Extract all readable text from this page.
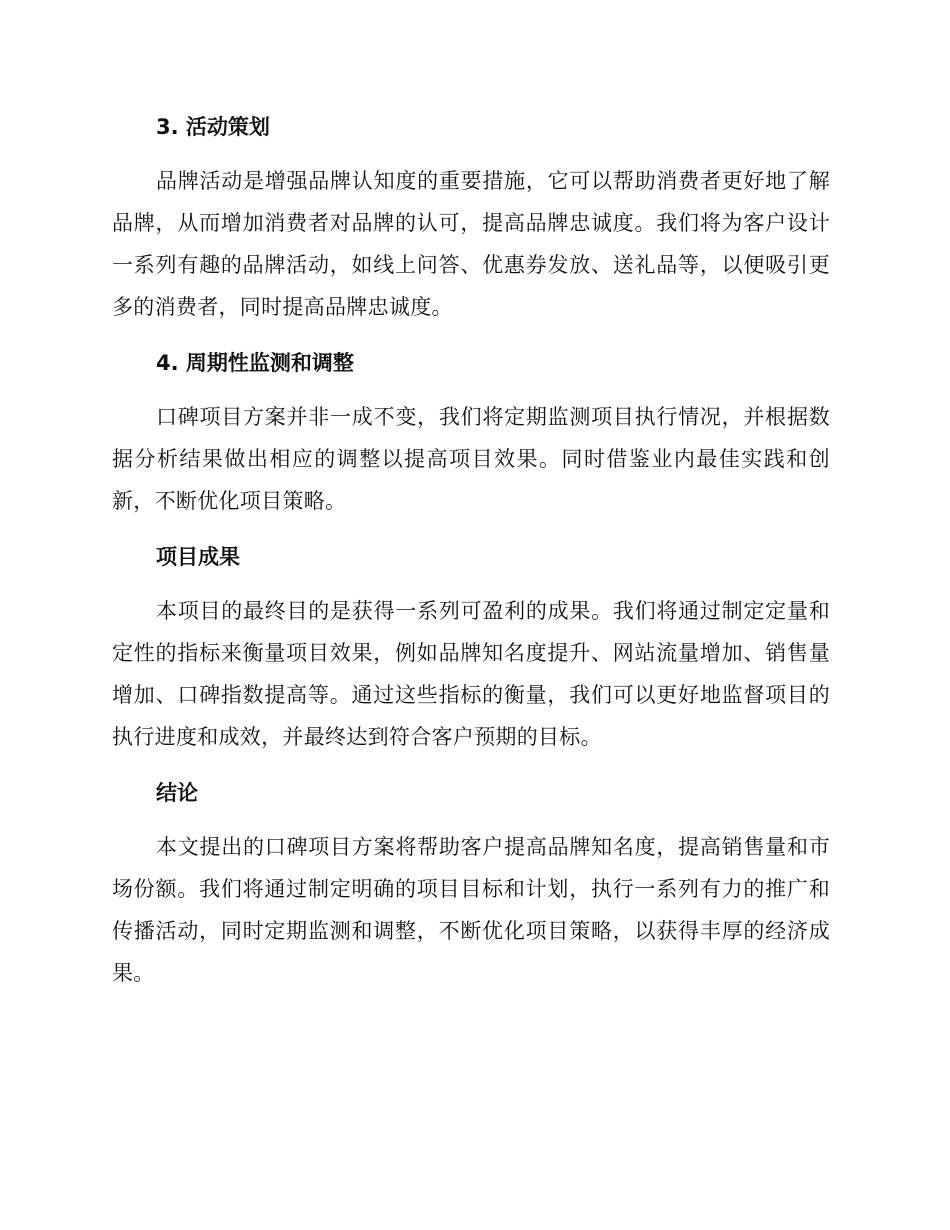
3. 活动策划

品牌活动是增强品牌认知度的重要措施，它可以帮助消费者更好地了解品牌，从而增加消费者对品牌的认可，提高品牌忠诚度。我们将为客户设计一系列有趣的品牌活动，如线上问答、优惠券发放、送礼品等，以便吸引更多的消费者，同时提高品牌忠诚度。

4. 周期性监测和调整

口碑项目方案并非一成不变，我们将定期监测项目执行情况，并根据数据分析结果做出相应的调整以提高项目效果。同时借鉴业内最佳实践和创新，不断优化项目策略。

项目成果

本项目的最终目的是获得一系列可盈利的成果。我们将通过制定定量和定性的指标来衡量项目效果，例如品牌知名度提升、网站流量增加、销售量增加、口碑指数提高等。通过这些指标的衡量，我们可以更好地监督项目的执行进度和成效，并最终达到符合客户预期的目标。

结论

本文提出的口碑项目方案将帮助客户提高品牌知名度，提高销售量和市场份额。我们将通过制定明确的项目目标和计划，执行一系列有力的推广和传播活动，同时定期监测和调整，不断优化项目策略，以获得丰厚的经济成果。
